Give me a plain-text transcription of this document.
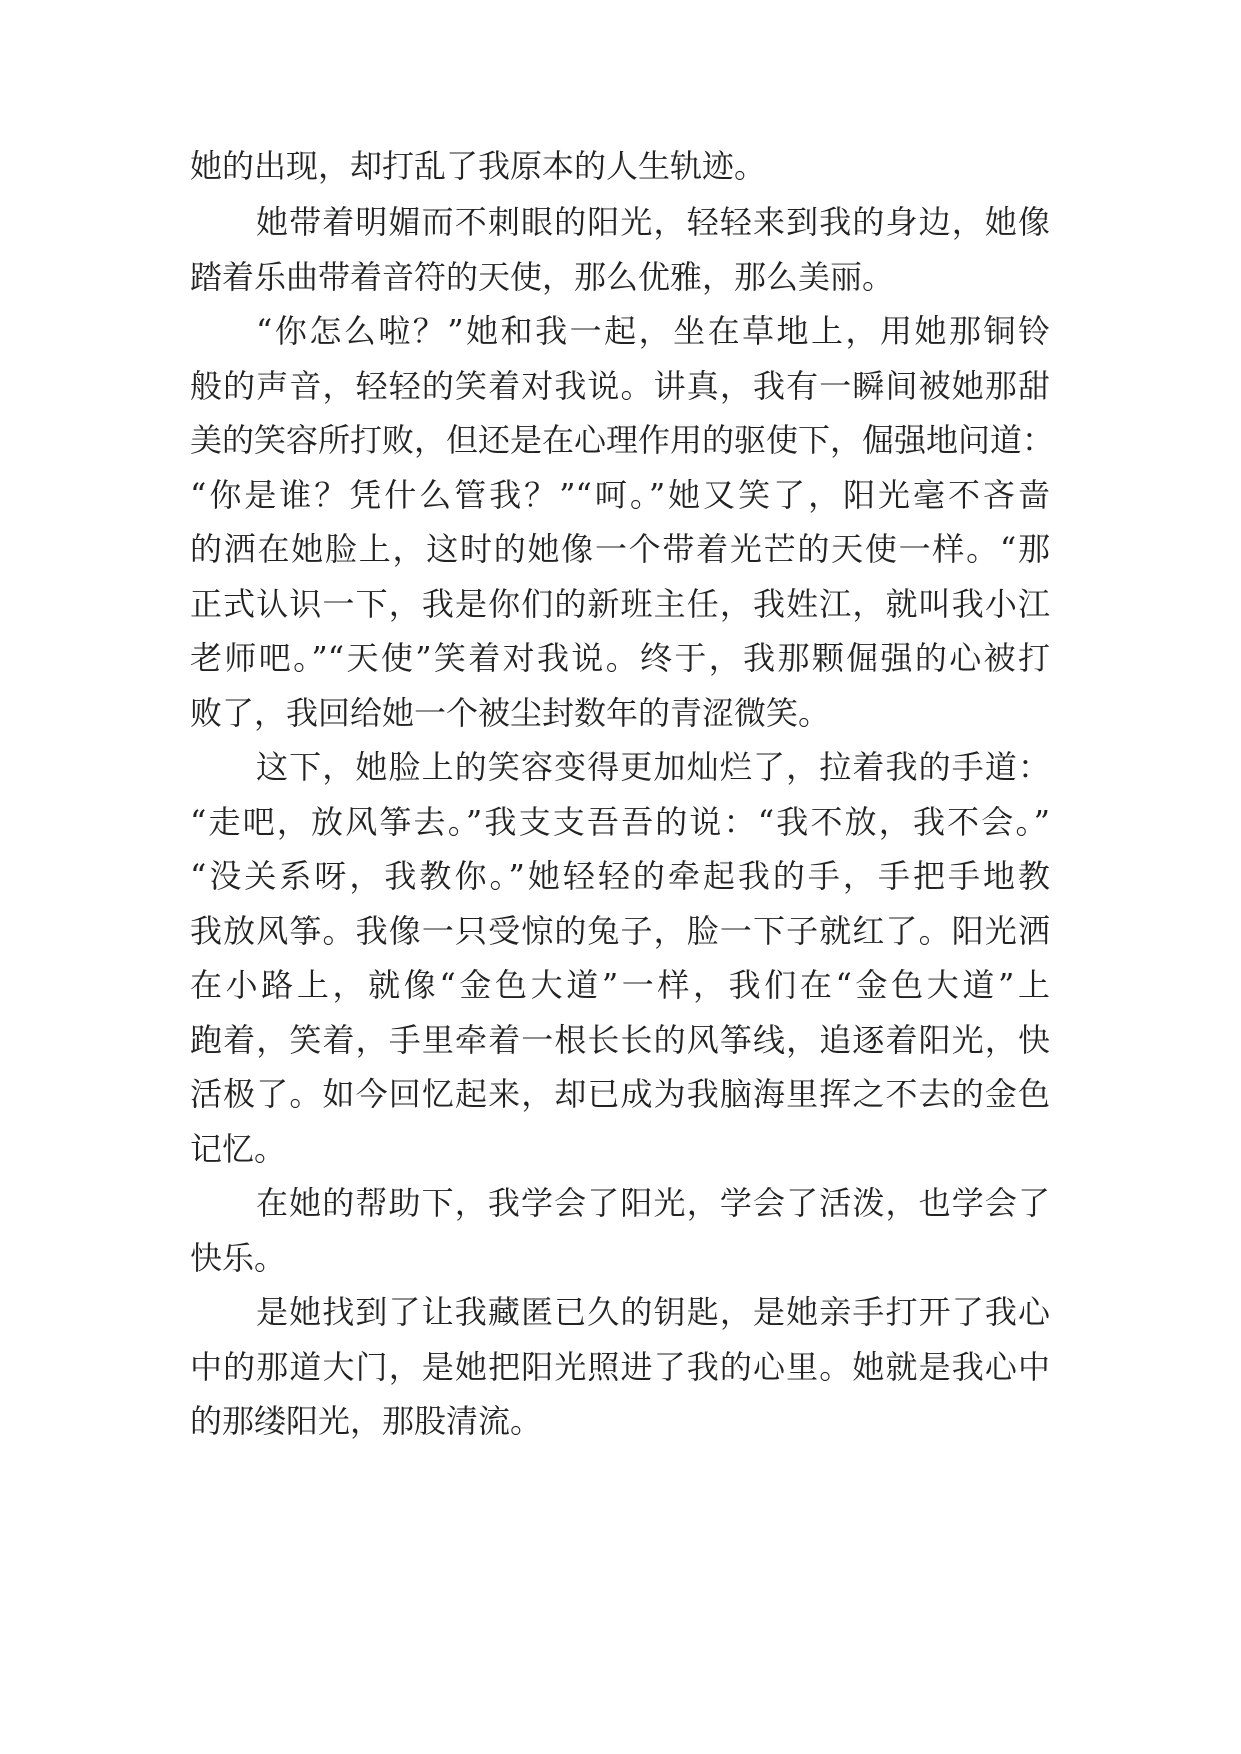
她的出现，却打乱了我原本的人生轨迹。
她带着明媚而不刺眼的阳光，轻轻来到我的身边，她像
踏着乐曲带着音符的天使，那么优雅，那么美丽。
“你怎么啦？”她和我一起，坐在草地上，用她那铜铃
般的声音，轻轻的笑着对我说。讲真，我有一瞬间被她那甜
美的笑容所打败，但还是在心理作用的驱使下，倔强地问道：
“你是谁？凭什么管我？”“呵。”她又笑了，阳光毫不吝啬
的洒在她脸上，这时的她像一个带着光芒的天使一样。“那
正式认识一下，我是你们的新班主任，我姓江，就叫我小江
老师吧。”“天使”笑着对我说。终于，我那颗倔强的心被打
败了，我回给她一个被尘封数年的青涩微笑。
这下，她脸上的笑容变得更加灿烂了，拉着我的手道：
“走吧，放风筝去。”我支支吾吾的说：“我不放，我不会。”
“没关系呀，我教你。”她轻轻的牵起我的手，手把手地教
我放风筝。我像一只受惊的兔子，脸一下子就红了。阳光洒
在小路上，就像“金色大道”一样，我们在“金色大道”上
跑着，笑着，手里牵着一根长长的风筝线，追逐着阳光，快
活极了。如今回忆起来，却已成为我脑海里挥之不去的金色
记忆。
在她的帮助下，我学会了阳光，学会了活泼，也学会了
快乐。
是她找到了让我藏匿已久的钥匙，是她亲手打开了我心
中的那道大门，是她把阳光照进了我的心里。她就是我心中
的那缕阳光，那股清流。
